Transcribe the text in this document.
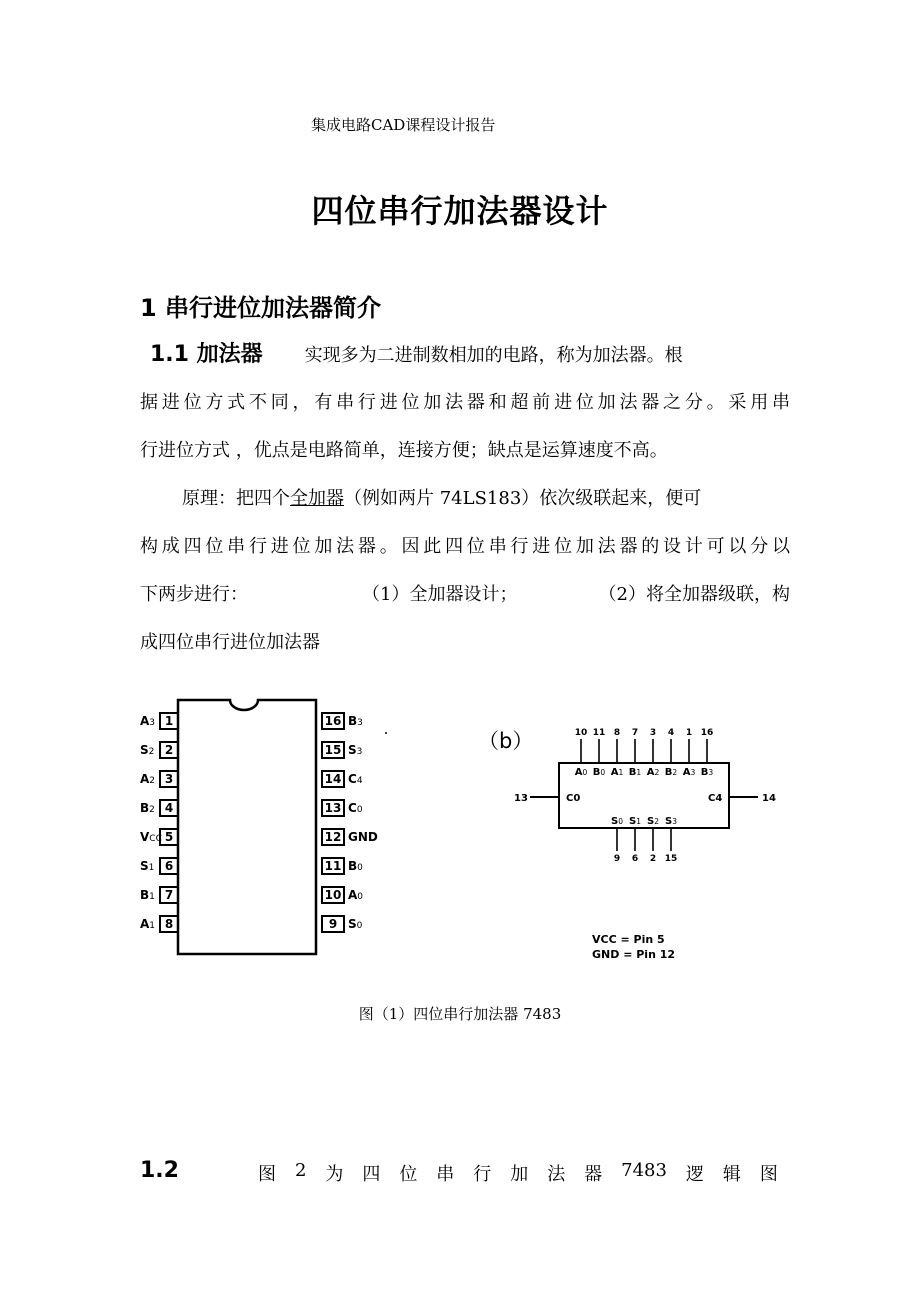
集成电路CAD课程设计报告
四位串行加法器设计
1 串行进位加法器简介
1.1 加法器 实现多为二进制数相加的电路，称为加法器。根
据进位方式不同，有串行进位加法器和超前进位加法器之分。采用串
行进位方式 ，优点是电路简单，连接方便；缺点是运算速度不高。
原理：把四个全加器（例如两片 74LS183）依次级联起来，便可
构成四位串行进位加法器。因此四位串行进位加法器的设计可以分以
下两步进行：	（1）全加器设计；	（2）将全加器级联，构
成四位串行进位加法器
A3 1
S2 2
A2 3
B2 4
VCC 5
S1 6
B1 7
A1 8
16 B3
15 S3
14 C4
13 C0
12 GND
11 B0
10 A0
9 S0
（b）	10
A0
11
B0
8
A1
7
B1
3
A2
4
B2
1
A3
16
B3
S0
9
S1
6
S2
2
S3
15
13	C0	14
C4
VCC = Pin 5
GND = Pin 12
图（1）四位串行加法器 7483
1.2	图 2 为 四 位 串 行 加 法 器 7483 逻 辑 图
